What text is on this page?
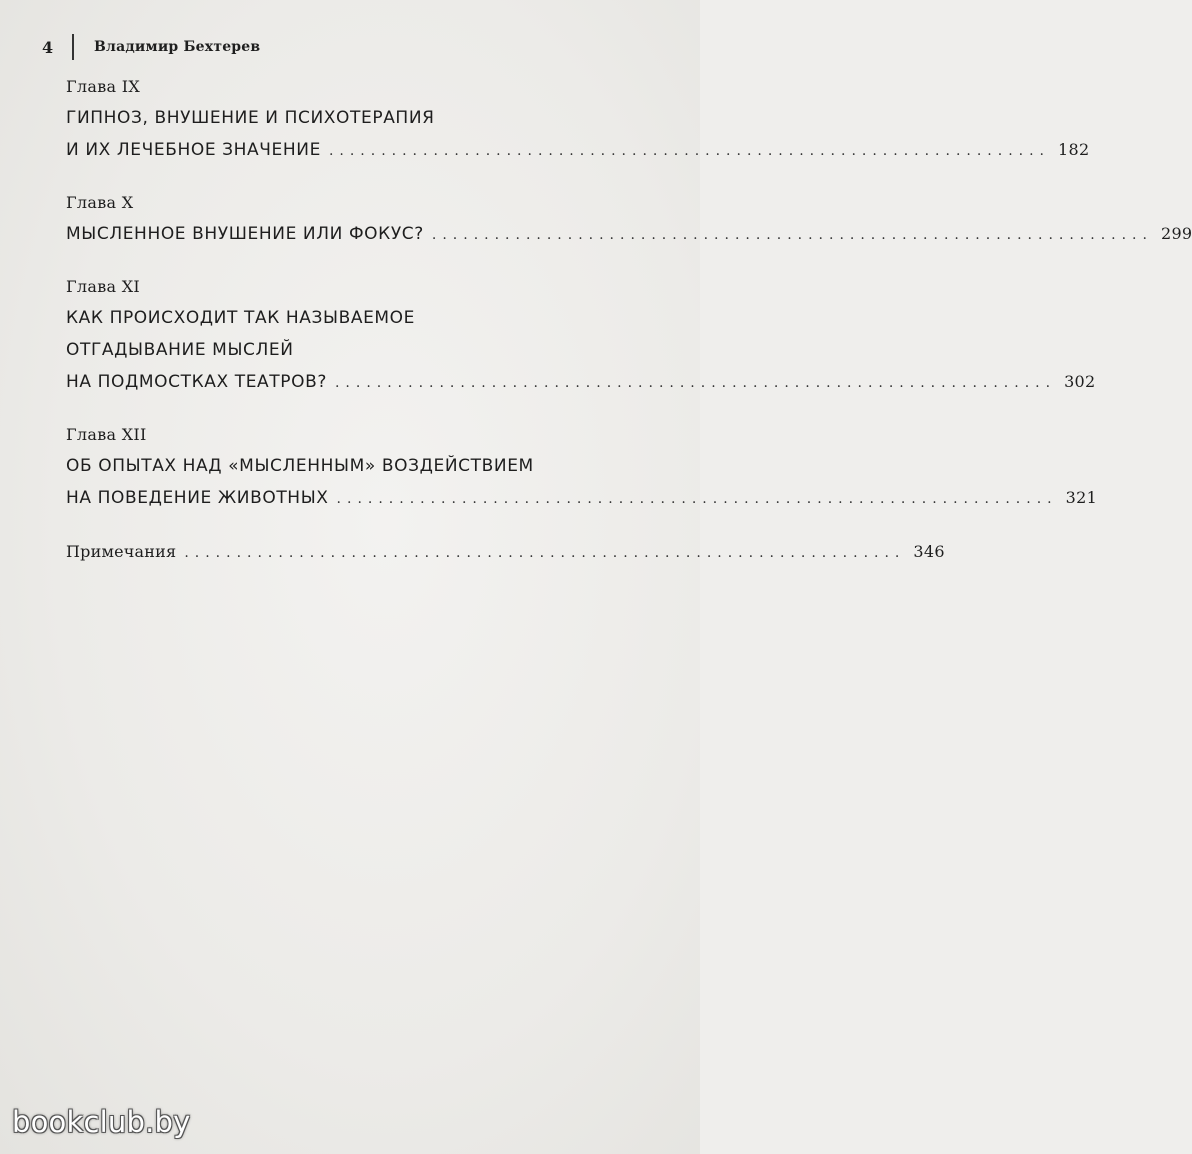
4	Владимир Бехтерев
Глава IX
ГИПНОЗ, ВНУШЕНИЕ И ПСИХОТЕРАПИЯ
И ИХ ЛЕЧЕБНОЕ ЗНАЧЕНИЕ ..................................................................... 182
Глава X
МЫСЛЕННОЕ ВНУШЕНИЕ ИЛИ ФОКУС? ..................................................................... 299
Глава XI
КАК ПРОИСХОДИТ ТАК НАЗЫВАЕМОЕ
ОТГАДЫВАНИЕ МЫСЛЕЙ
НА ПОДМОСТКАХ ТЕАТРОВ? ..................................................................... 302
Глава XII
ОБ ОПЫТАХ НАД «МЫСЛЕННЫМ» ВОЗДЕЙСТВИЕМ
НА ПОВЕДЕНИЕ ЖИВОТНЫХ ..................................................................... 321
Примечания ..................................................................... 346
bookclub.by
